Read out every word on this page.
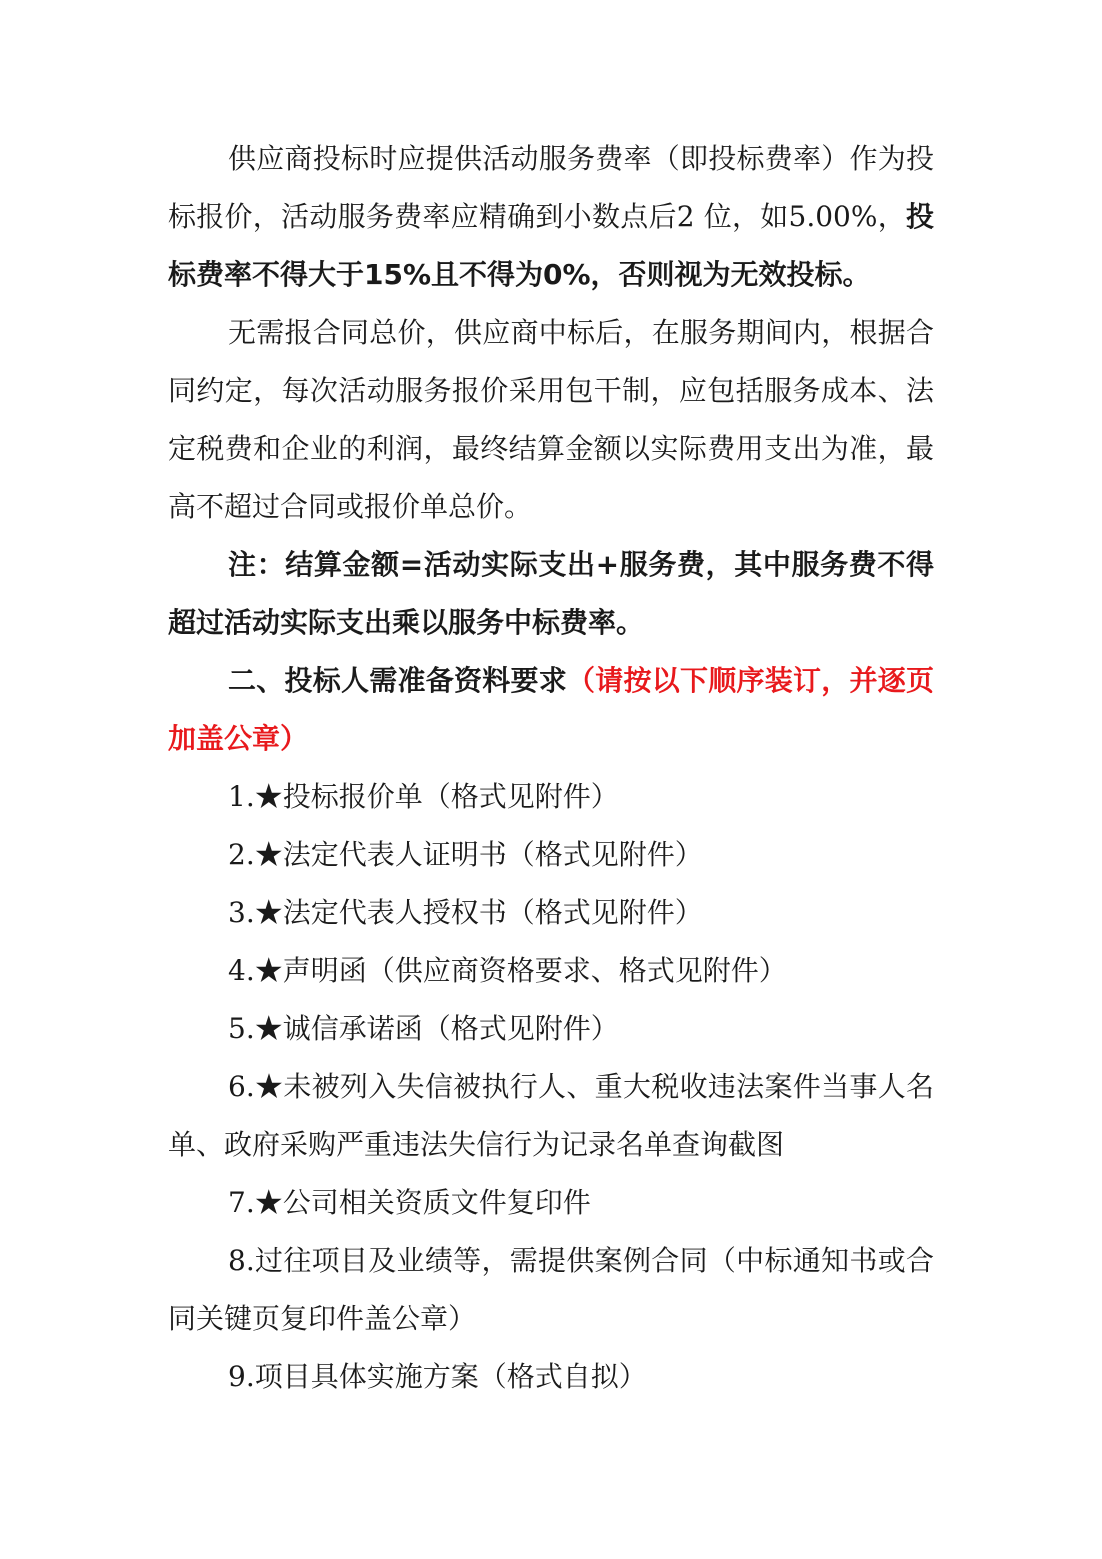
供应商投标时应提供活动服务费率（即投标费率）作为投标报价，活动服务费率应精确到小数点后2 位，如5.00%，投标费率不得大于15%且不得为0%，否则视为无效投标。

无需报合同总价，供应商中标后，在服务期间内，根据合同约定，每次活动服务报价采用包干制，应包括服务成本、法定税费和企业的利润，最终结算金额以实际费用支出为准，最高不超过合同或报价单总价。

注：结算金额=活动实际支出+服务费，其中服务费不得超过活动实际支出乘以服务中标费率。

二、投标人需准备资料要求（请按以下顺序装订，并逐页加盖公章）

1.★投标报价单（格式见附件）

2.★法定代表人证明书（格式见附件）

3.★法定代表人授权书（格式见附件）

4.★声明函（供应商资格要求、格式见附件）

5.★诚信承诺函（格式见附件）

6.★未被列入失信被执行人、重大税收违法案件当事人名单、政府采购严重违法失信行为记录名单查询截图

7.★公司相关资质文件复印件

8.过往项目及业绩等，需提供案例合同（中标通知书或合同关键页复印件盖公章）

9.项目具体实施方案（格式自拟）
